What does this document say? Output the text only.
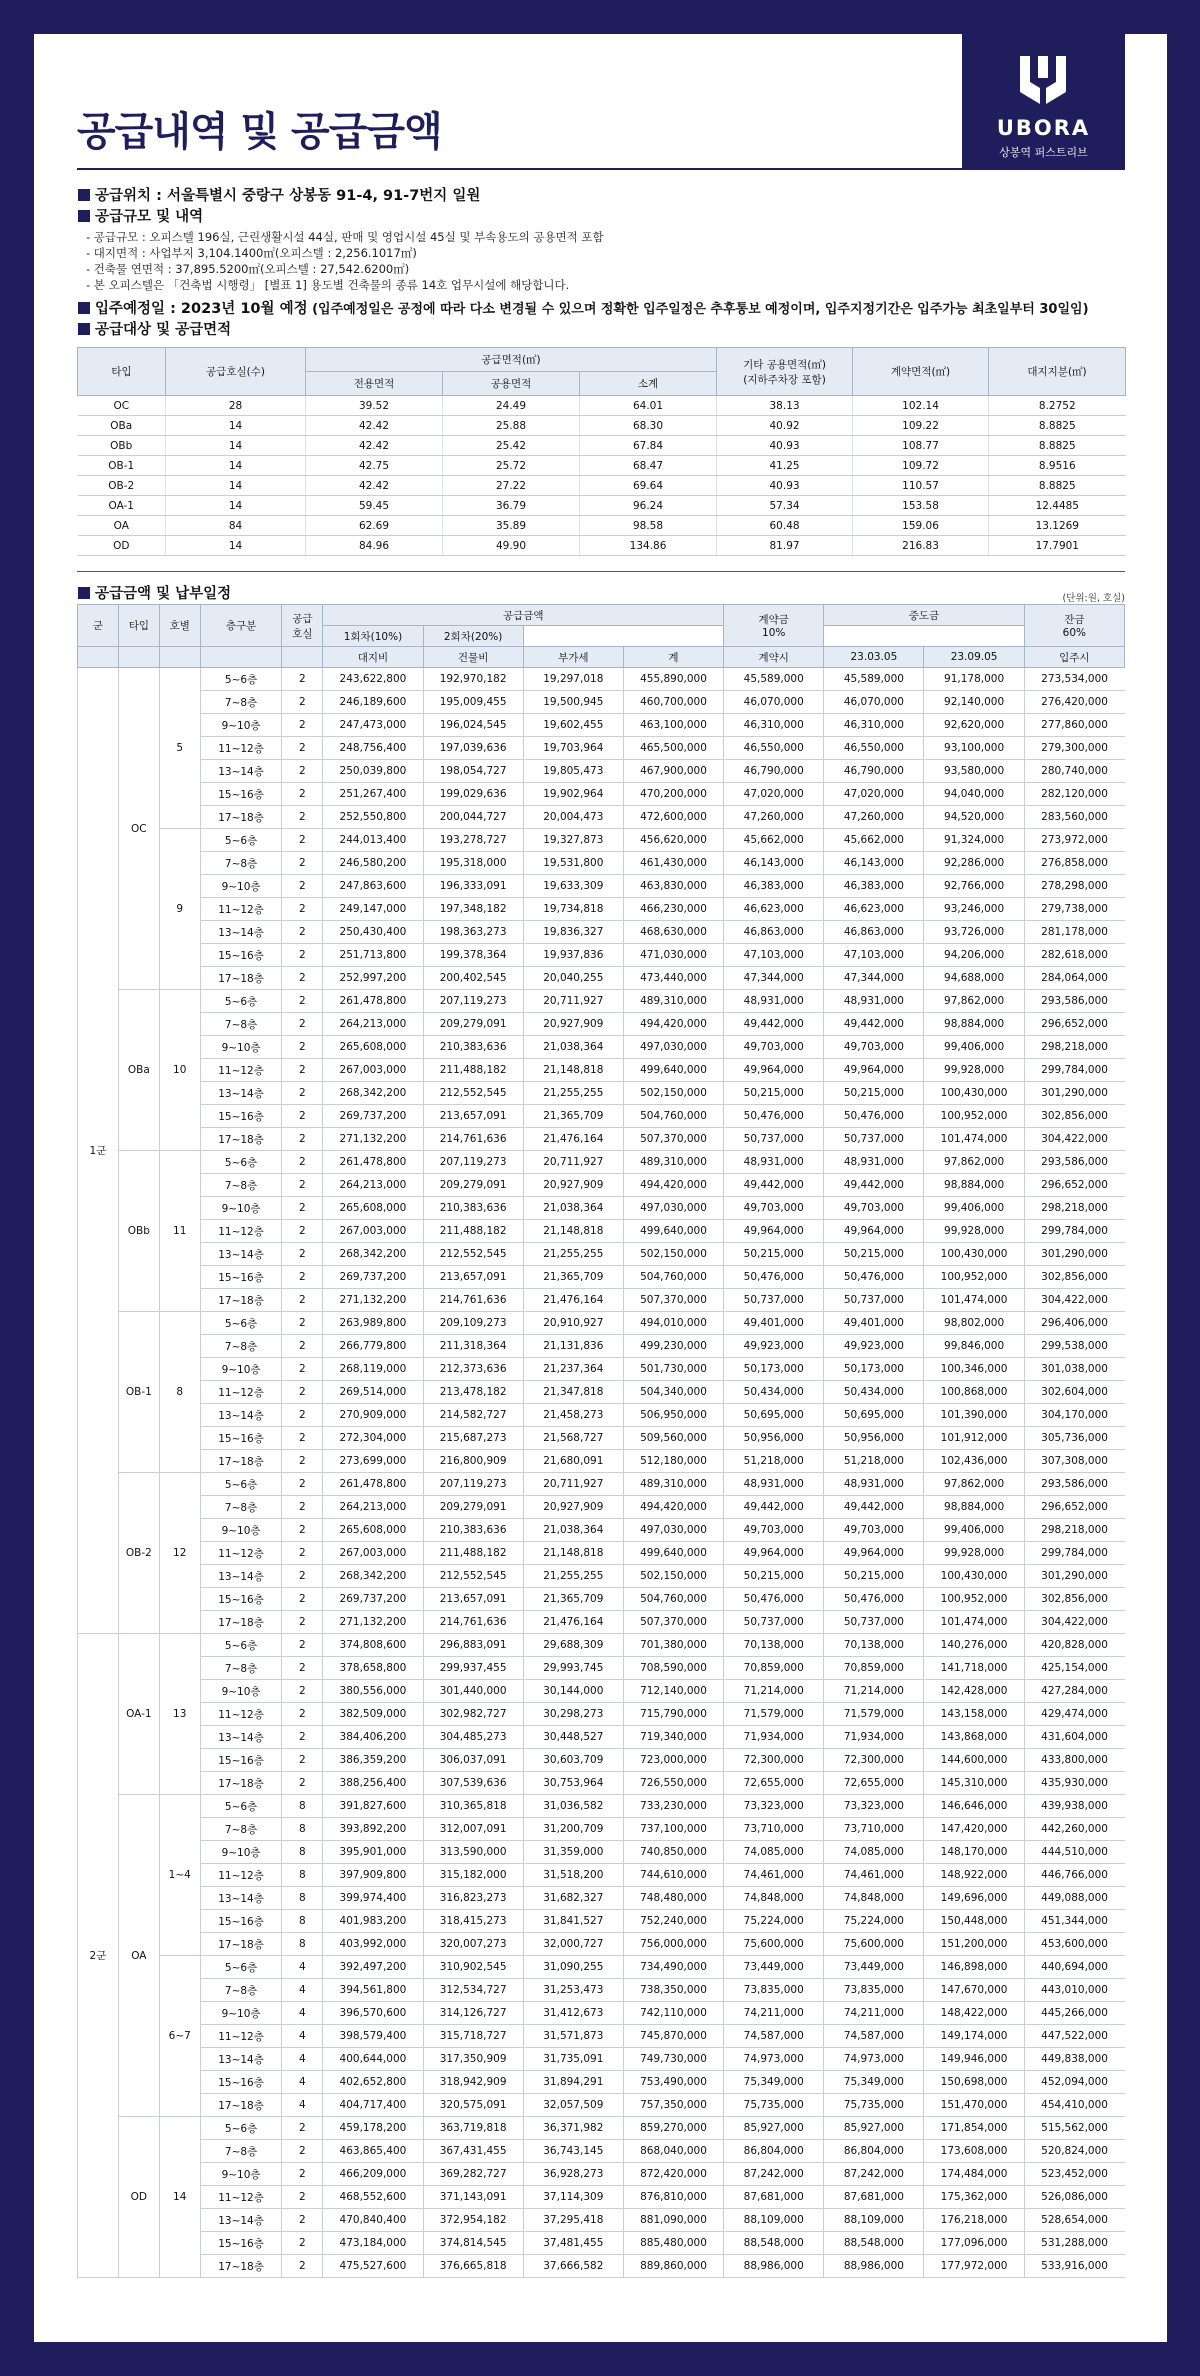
UBORA
상봉역 퍼스트리브
공급내역 및 공급금액
공급위치 : 서울특별시 중랑구 상봉동 91-4, 91-7번지 일원
공급규모 및 내역
- 공급규모 : 오피스텔 196실, 근린생활시설 44실, 판매 및 영업시설 45실 및 부속용도의 공용면적 포함
- 대지면적 : 사업부지 3,104.1400㎡(오피스텔 : 2,256.1017㎡)
- 건축물 연면적 : 37,895.5200㎡(오피스텔 : 27,542.6200㎡)
- 본 오피스텔은 「건축법 시행령」 [별표 1] 용도별 건축물의 종류 14호 업무시설에 해당합니다.
입주예정일 : 2023년 10월 예정 (입주예정일은 공정에 따라 다소 변경될 수 있으며 정확한 입주일정은 추후통보 예정이며, 입주지정기간은 입주가능 최초일부터 30일임)
공급대상 및 공급면적
타입	공급호실(수)	공급면적(㎡)			기타 공용면적(㎡)
(지하주차장 포함)	계약면적(㎡)	대지지분(㎡)
		전용면적	공용면적	소계			
OC	28	39.52	24.49	64.01	38.13	102.14	8.2752
OBa	14	42.42	25.88	68.30	40.92	109.22	8.8825
OBb	14	42.42	25.42	67.84	40.93	108.77	8.8825
OB-1	14	42.75	25.72	68.47	41.25	109.72	8.9516
OB-2	14	42.42	27.22	69.64	40.93	110.57	8.8825
OA-1	14	59.45	36.79	96.24	57.34	153.58	12.4485
OA	84	62.69	35.89	98.58	60.48	159.06	13.1269
OD	14	84.96	49.90	134.86	81.97	216.83	17.7901
공급금액 및 납부일정	(단위:원, 호실)
군	타입	호별	층구분	공급
호실	공급금액				계약금
10%	중도금		잔금
60%
					1회차(10%)	2회차(20%)						
					대지비	건물비	부가세	계	계약시	23.03.05	23.09.05	입주시
1군	OC	5	5~6층	2	243,622,800	192,970,182	19,297,018	455,890,000	45,589,000	45,589,000	91,178,000	273,534,000
			7~8층	2	246,189,600	195,009,455	19,500,945	460,700,000	46,070,000	46,070,000	92,140,000	276,420,000
			9~10층	2	247,473,000	196,024,545	19,602,455	463,100,000	46,310,000	46,310,000	92,620,000	277,860,000
			11~12층	2	248,756,400	197,039,636	19,703,964	465,500,000	46,550,000	46,550,000	93,100,000	279,300,000
			13~14층	2	250,039,800	198,054,727	19,805,473	467,900,000	46,790,000	46,790,000	93,580,000	280,740,000
			15~16층	2	251,267,400	199,029,636	19,902,964	470,200,000	47,020,000	47,020,000	94,040,000	282,120,000
			17~18층	2	252,550,800	200,044,727	20,004,473	472,600,000	47,260,000	47,260,000	94,520,000	283,560,000
		9	5~6층	2	244,013,400	193,278,727	19,327,873	456,620,000	45,662,000	45,662,000	91,324,000	273,972,000
			7~8층	2	246,580,200	195,318,000	19,531,800	461,430,000	46,143,000	46,143,000	92,286,000	276,858,000
			9~10층	2	247,863,600	196,333,091	19,633,309	463,830,000	46,383,000	46,383,000	92,766,000	278,298,000
			11~12층	2	249,147,000	197,348,182	19,734,818	466,230,000	46,623,000	46,623,000	93,246,000	279,738,000
			13~14층	2	250,430,400	198,363,273	19,836,327	468,630,000	46,863,000	46,863,000	93,726,000	281,178,000
			15~16층	2	251,713,800	199,378,364	19,937,836	471,030,000	47,103,000	47,103,000	94,206,000	282,618,000
			17~18층	2	252,997,200	200,402,545	20,040,255	473,440,000	47,344,000	47,344,000	94,688,000	284,064,000
	OBa	10	5~6층	2	261,478,800	207,119,273	20,711,927	489,310,000	48,931,000	48,931,000	97,862,000	293,586,000
			7~8층	2	264,213,000	209,279,091	20,927,909	494,420,000	49,442,000	49,442,000	98,884,000	296,652,000
			9~10층	2	265,608,000	210,383,636	21,038,364	497,030,000	49,703,000	49,703,000	99,406,000	298,218,000
			11~12층	2	267,003,000	211,488,182	21,148,818	499,640,000	49,964,000	49,964,000	99,928,000	299,784,000
			13~14층	2	268,342,200	212,552,545	21,255,255	502,150,000	50,215,000	50,215,000	100,430,000	301,290,000
			15~16층	2	269,737,200	213,657,091	21,365,709	504,760,000	50,476,000	50,476,000	100,952,000	302,856,000
			17~18층	2	271,132,200	214,761,636	21,476,164	507,370,000	50,737,000	50,737,000	101,474,000	304,422,000
	OBb	11	5~6층	2	261,478,800	207,119,273	20,711,927	489,310,000	48,931,000	48,931,000	97,862,000	293,586,000
			7~8층	2	264,213,000	209,279,091	20,927,909	494,420,000	49,442,000	49,442,000	98,884,000	296,652,000
			9~10층	2	265,608,000	210,383,636	21,038,364	497,030,000	49,703,000	49,703,000	99,406,000	298,218,000
			11~12층	2	267,003,000	211,488,182	21,148,818	499,640,000	49,964,000	49,964,000	99,928,000	299,784,000
			13~14층	2	268,342,200	212,552,545	21,255,255	502,150,000	50,215,000	50,215,000	100,430,000	301,290,000
			15~16층	2	269,737,200	213,657,091	21,365,709	504,760,000	50,476,000	50,476,000	100,952,000	302,856,000
			17~18층	2	271,132,200	214,761,636	21,476,164	507,370,000	50,737,000	50,737,000	101,474,000	304,422,000
	OB-1	8	5~6층	2	263,989,800	209,109,273	20,910,927	494,010,000	49,401,000	49,401,000	98,802,000	296,406,000
			7~8층	2	266,779,800	211,318,364	21,131,836	499,230,000	49,923,000	49,923,000	99,846,000	299,538,000
			9~10층	2	268,119,000	212,373,636	21,237,364	501,730,000	50,173,000	50,173,000	100,346,000	301,038,000
			11~12층	2	269,514,000	213,478,182	21,347,818	504,340,000	50,434,000	50,434,000	100,868,000	302,604,000
			13~14층	2	270,909,000	214,582,727	21,458,273	506,950,000	50,695,000	50,695,000	101,390,000	304,170,000
			15~16층	2	272,304,000	215,687,273	21,568,727	509,560,000	50,956,000	50,956,000	101,912,000	305,736,000
			17~18층	2	273,699,000	216,800,909	21,680,091	512,180,000	51,218,000	51,218,000	102,436,000	307,308,000
	OB-2	12	5~6층	2	261,478,800	207,119,273	20,711,927	489,310,000	48,931,000	48,931,000	97,862,000	293,586,000
			7~8층	2	264,213,000	209,279,091	20,927,909	494,420,000	49,442,000	49,442,000	98,884,000	296,652,000
			9~10층	2	265,608,000	210,383,636	21,038,364	497,030,000	49,703,000	49,703,000	99,406,000	298,218,000
			11~12층	2	267,003,000	211,488,182	21,148,818	499,640,000	49,964,000	49,964,000	99,928,000	299,784,000
			13~14층	2	268,342,200	212,552,545	21,255,255	502,150,000	50,215,000	50,215,000	100,430,000	301,290,000
			15~16층	2	269,737,200	213,657,091	21,365,709	504,760,000	50,476,000	50,476,000	100,952,000	302,856,000
			17~18층	2	271,132,200	214,761,636	21,476,164	507,370,000	50,737,000	50,737,000	101,474,000	304,422,000
2군	OA-1	13	5~6층	2	374,808,600	296,883,091	29,688,309	701,380,000	70,138,000	70,138,000	140,276,000	420,828,000
			7~8층	2	378,658,800	299,937,455	29,993,745	708,590,000	70,859,000	70,859,000	141,718,000	425,154,000
			9~10층	2	380,556,000	301,440,000	30,144,000	712,140,000	71,214,000	71,214,000	142,428,000	427,284,000
			11~12층	2	382,509,000	302,982,727	30,298,273	715,790,000	71,579,000	71,579,000	143,158,000	429,474,000
			13~14층	2	384,406,200	304,485,273	30,448,527	719,340,000	71,934,000	71,934,000	143,868,000	431,604,000
			15~16층	2	386,359,200	306,037,091	30,603,709	723,000,000	72,300,000	72,300,000	144,600,000	433,800,000
			17~18층	2	388,256,400	307,539,636	30,753,964	726,550,000	72,655,000	72,655,000	145,310,000	435,930,000
	OA	1~4	5~6층	8	391,827,600	310,365,818	31,036,582	733,230,000	73,323,000	73,323,000	146,646,000	439,938,000
			7~8층	8	393,892,200	312,007,091	31,200,709	737,100,000	73,710,000	73,710,000	147,420,000	442,260,000
			9~10층	8	395,901,000	313,590,000	31,359,000	740,850,000	74,085,000	74,085,000	148,170,000	444,510,000
			11~12층	8	397,909,800	315,182,000	31,518,200	744,610,000	74,461,000	74,461,000	148,922,000	446,766,000
			13~14층	8	399,974,400	316,823,273	31,682,327	748,480,000	74,848,000	74,848,000	149,696,000	449,088,000
			15~16층	8	401,983,200	318,415,273	31,841,527	752,240,000	75,224,000	75,224,000	150,448,000	451,344,000
			17~18층	8	403,992,000	320,007,273	32,000,727	756,000,000	75,600,000	75,600,000	151,200,000	453,600,000
		6~7	5~6층	4	392,497,200	310,902,545	31,090,255	734,490,000	73,449,000	73,449,000	146,898,000	440,694,000
			7~8층	4	394,561,800	312,534,727	31,253,473	738,350,000	73,835,000	73,835,000	147,670,000	443,010,000
			9~10층	4	396,570,600	314,126,727	31,412,673	742,110,000	74,211,000	74,211,000	148,422,000	445,266,000
			11~12층	4	398,579,400	315,718,727	31,571,873	745,870,000	74,587,000	74,587,000	149,174,000	447,522,000
			13~14층	4	400,644,000	317,350,909	31,735,091	749,730,000	74,973,000	74,973,000	149,946,000	449,838,000
			15~16층	4	402,652,800	318,942,909	31,894,291	753,490,000	75,349,000	75,349,000	150,698,000	452,094,000
			17~18층	4	404,717,400	320,575,091	32,057,509	757,350,000	75,735,000	75,735,000	151,470,000	454,410,000
	OD	14	5~6층	2	459,178,200	363,719,818	36,371,982	859,270,000	85,927,000	85,927,000	171,854,000	515,562,000
			7~8층	2	463,865,400	367,431,455	36,743,145	868,040,000	86,804,000	86,804,000	173,608,000	520,824,000
			9~10층	2	466,209,000	369,282,727	36,928,273	872,420,000	87,242,000	87,242,000	174,484,000	523,452,000
			11~12층	2	468,552,600	371,143,091	37,114,309	876,810,000	87,681,000	87,681,000	175,362,000	526,086,000
			13~14층	2	470,840,400	372,954,182	37,295,418	881,090,000	88,109,000	88,109,000	176,218,000	528,654,000
			15~16층	2	473,184,000	374,814,545	37,481,455	885,480,000	88,548,000	88,548,000	177,096,000	531,288,000
			17~18층	2	475,527,600	376,665,818	37,666,582	889,860,000	88,986,000	88,986,000	177,972,000	533,916,000
